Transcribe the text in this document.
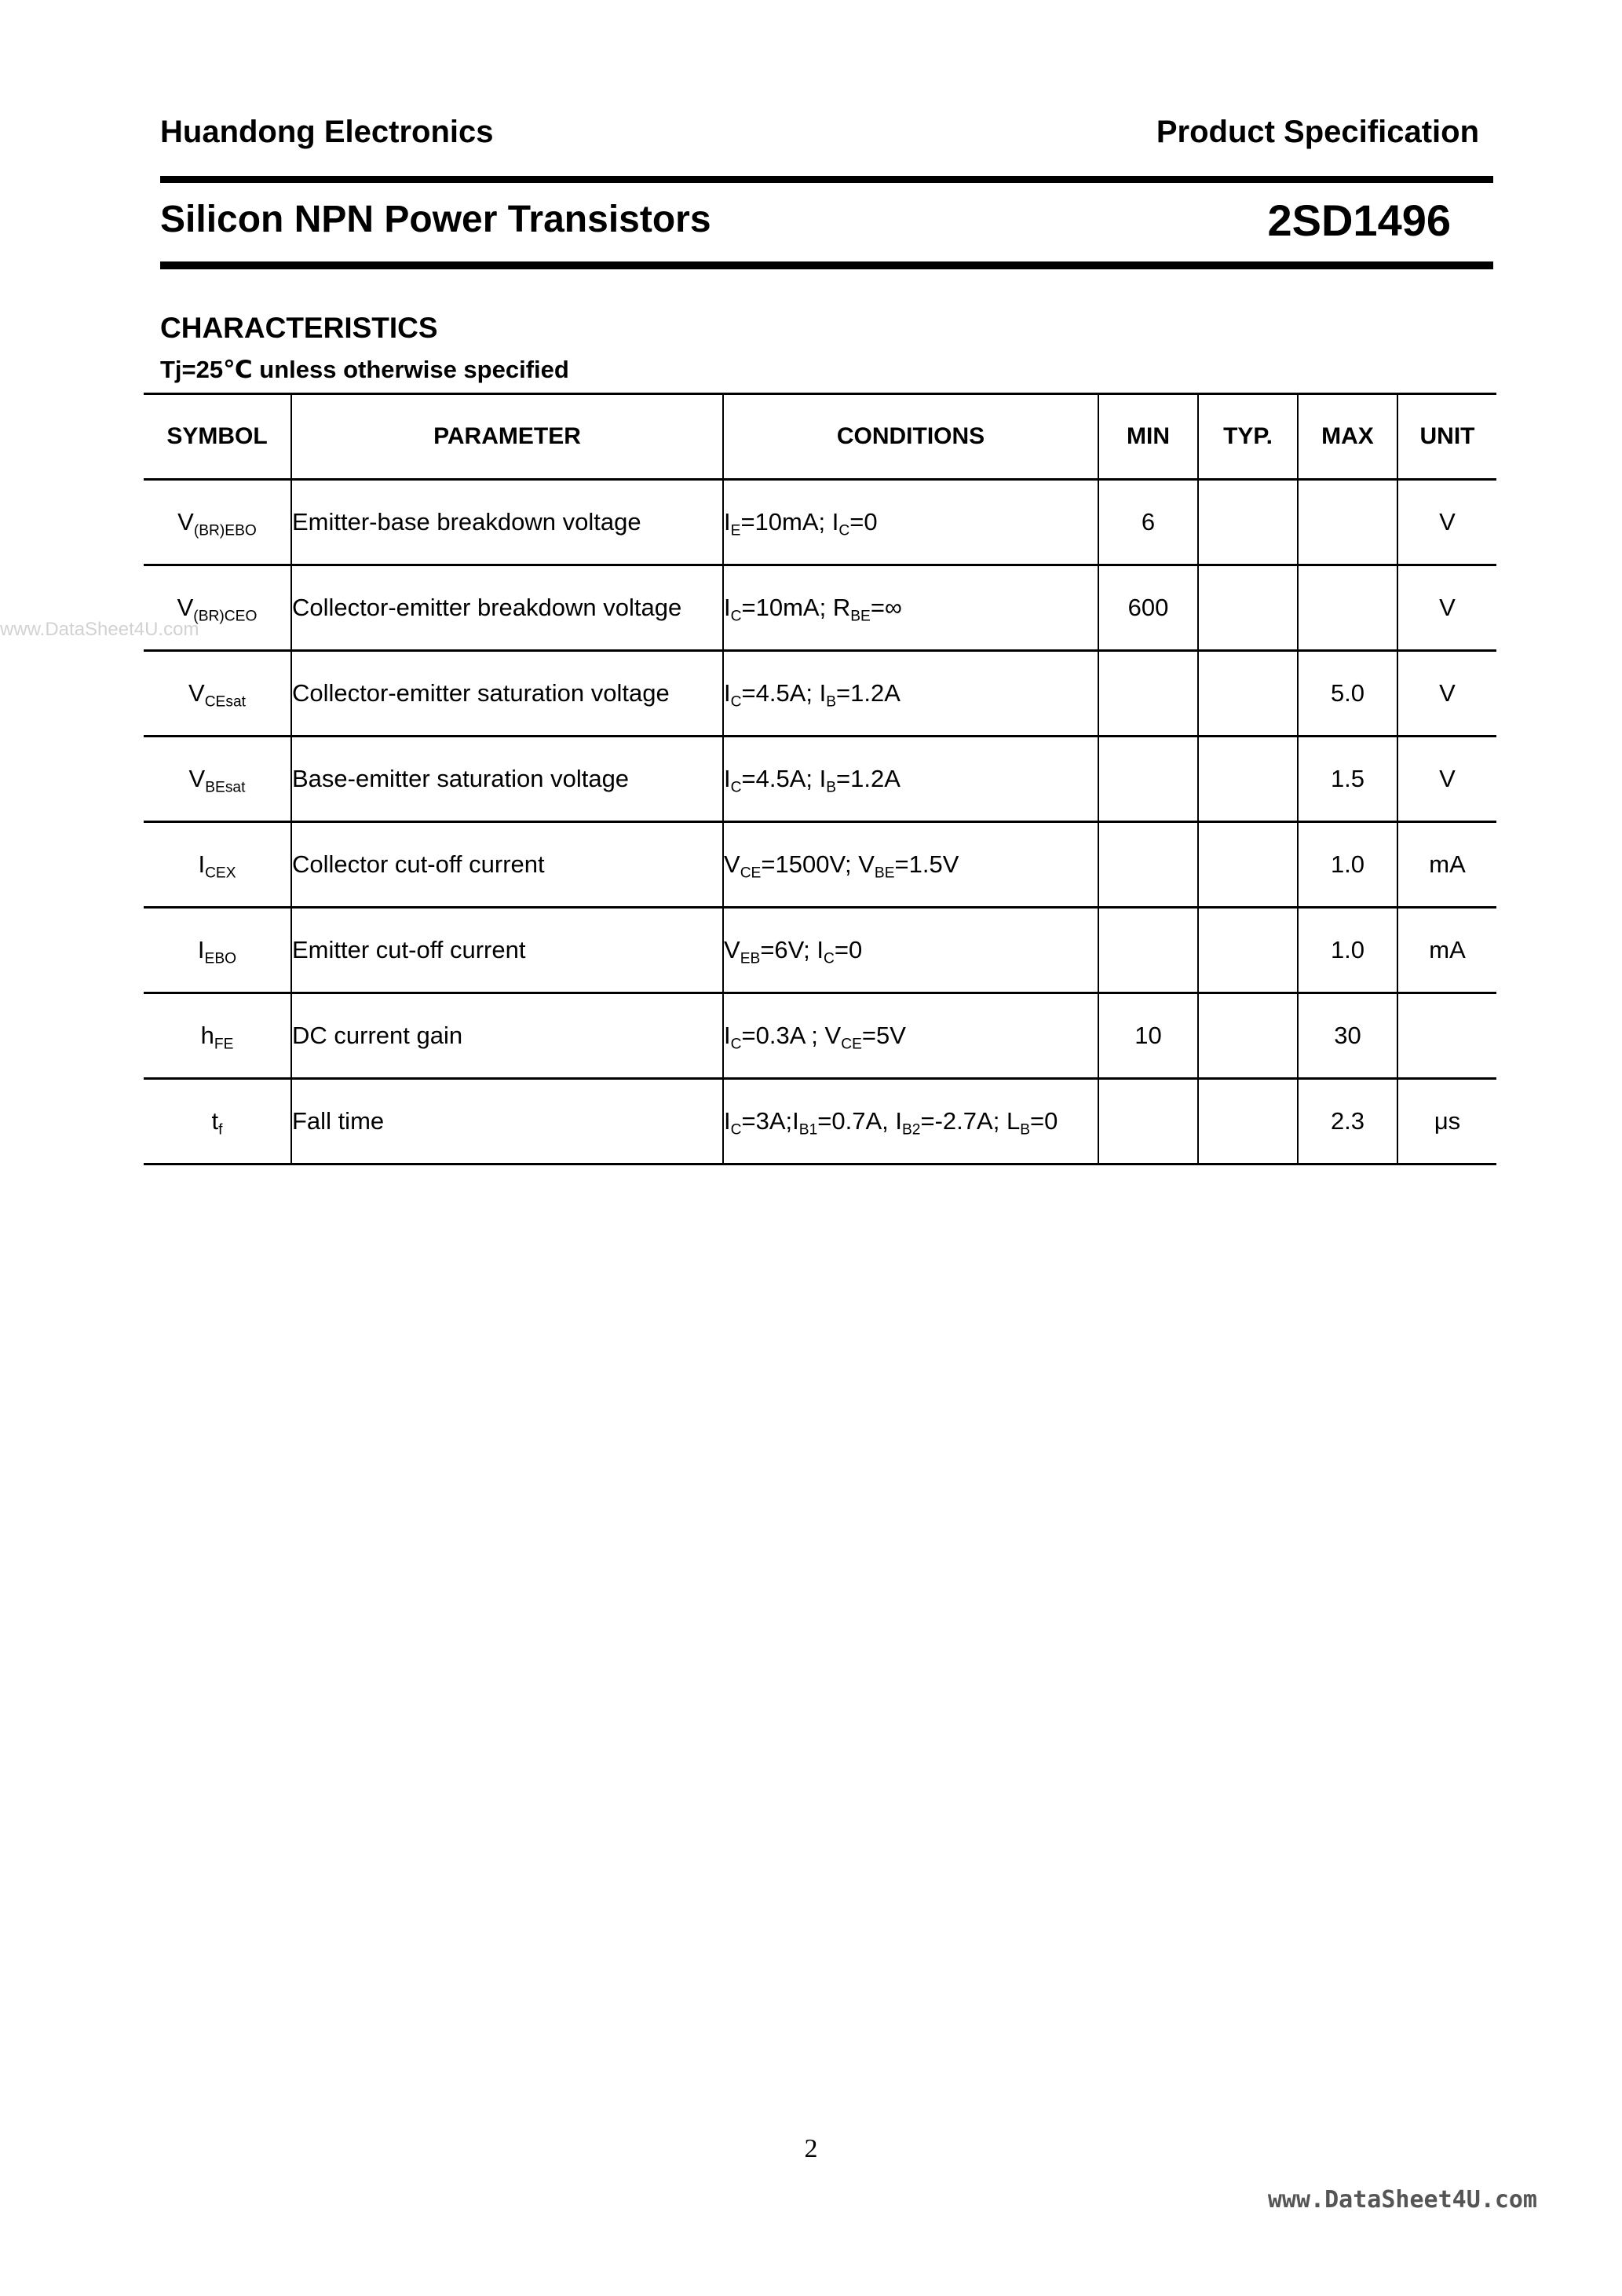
Huandong Electronics	Product Specification
Silicon NPN Power Transistors	2SD1496
CHARACTERISTICS
Tj=25℃ unless otherwise specified
www.DataSheet4U.com
SYMBOL	PARAMETER	CONDITIONS	MIN	TYP.	MAX	UNIT
$V_{(BR)EBO}$	Emitter-base breakdown voltage	$I_E=10mA$; $I_C=0$	6			V
$V_{(BR)CEO}$	Collector-emitter breakdown voltage	$I_C=10mA$; $R_{BE}=\infty$	600			V
$V_{CEsat}$	Collector-emitter saturation voltage	$I_C=4.5A$; $I_B=1.2A$			5.0	V
$V_{BEsat}$	Base-emitter saturation voltage	$I_C=4.5A$; $I_B=1.2A$			1.5	V
$I_{CEX}$	Collector cut-off current	$V_{CE}=1500V$; $V_{BE}=1.5V$			1.0	mA
$I_{EBO}$	Emitter cut-off current	$V_{EB}=6V$; $I_C=0$			1.0	mA
$h_{FE}$	DC current gain	$I_C=0.3A$ ; $V_{CE}=5V$	10		30	
$t_f$	Fall time	$I_C=3A;I_{B1}=0.7A$, $I_{B2}=-2.7A$; $L_B=0$			2.3	μs
2
www.DataSheet4U.com
